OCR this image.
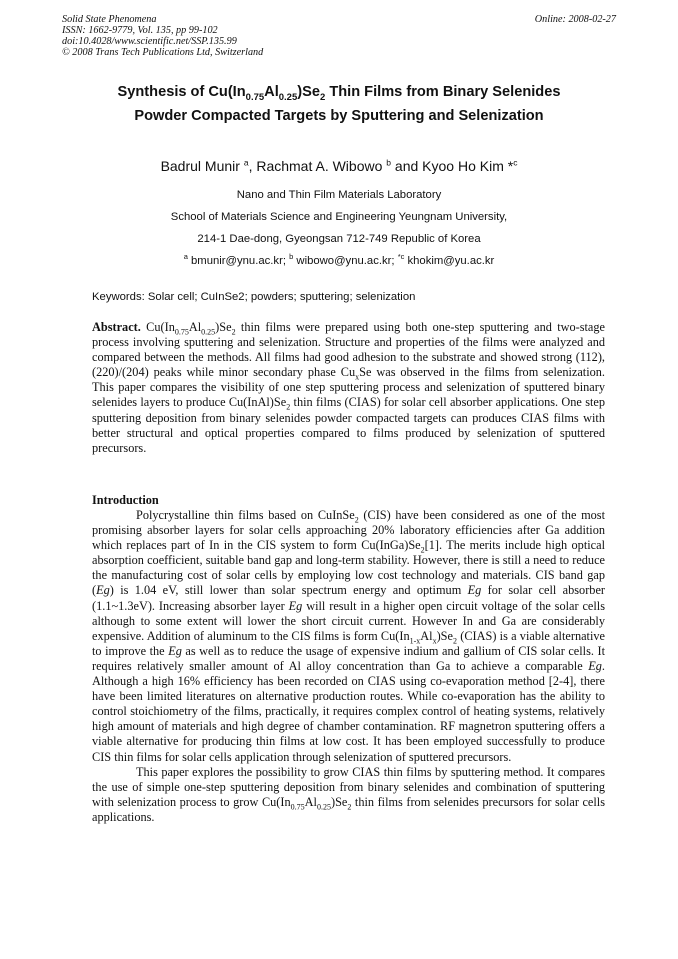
Solid State Phenomena
ISSN: 1662-9779, Vol. 135, pp 99-102
doi:10.4028/www.scientific.net/SSP.135.99
© 2008 Trans Tech Publications Ltd, Switzerland
Online: 2008-02-27
Synthesis of $Cu(In_{0.75}Al_{0.25})Se_2$ Thin Films from Binary Selenides
Powder Compacted Targets by Sputtering and Selenization
Badrul Munir $^a$, Rachmat A. Wibowo $^b$ and Kyoo Ho Kim *$^c$
Nano and Thin Film Materials Laboratory
School of Materials Science and Engineering Yeungnam University,
214-1 Dae-dong, Gyeongsan 712-749 Republic of Korea
$^a$ bmunir@ynu.ac.kr; $^b$ wibowo@ynu.ac.kr; $^{*c}$ khokim@yu.ac.kr
Keywords: Solar cell; CuInSe2; powders; sputtering; selenization
Abstract. $Cu(In_{0.75}Al_{0.25})Se_2$ thin films were prepared using both one-step sputtering and two-stage process involving sputtering and selenization. Structure and properties of the films were analyzed and compared between the methods. All films had good adhesion to the substrate and showed strong (112), (220)/(204) peaks while minor secondary phase $Cu_xSe$ was observed in the films from selenization. This paper compares the visibility of one step sputtering process and selenization of sputtered binary selenides layers to produce $Cu(InAl)Se_2$ thin films (CIAS) for solar cell absorber applications. One step sputtering deposition from binary selenides powder compacted targets can produces CIAS films with better structural and optical properties compared to films produced by selenization of sputtered precursors.
Introduction

Polycrystalline thin films based on CuInSe$_2$ (CIS) have been considered as one of the most promising absorber layers for solar cells approaching 20% laboratory efficiencies after Ga addition which replaces part of In in the CIS system to form $Cu(InGa)Se_2[1]$. The merits include high optical absorption coefficient, suitable band gap and long-term stability. However, there is still a need to reduce the manufacturing cost of solar cells by employing low cost technology and materials. CIS band gap (Eg) is 1.04 eV, still lower than solar spectrum energy and optimum Eg for solar cell absorber (1.1~1.3eV). Increasing absorber layer Eg will result in a higher open circuit voltage of the solar cells although to some extent will lower the short circuit current. However In and Ga are considerably expensive. Addition of aluminum to the CIS films is form $Cu(In_{1-x}Al_x)Se_2$ (CIAS) is a viable alternative to improve the Eg as well as to reduce the usage of expensive indium and gallium of CIS solar cells. It requires relatively smaller amount of Al alloy concentration than Ga to achieve a comparable Eg. Although a high 16% efficiency has been recorded on CIAS using co-evaporation method [2-4], there have been limited literatures on alternative production routes. While co-evaporation has the ability to control stoichiometry of the films, practically, it requires complex control of heating systems, relatively high amount of materials and high degree of chamber contamination. RF magnetron sputtering offers a viable alternative for producing thin films at low cost. It has been employed successfully to produce CIS thin films for solar cells application through selenization of sputtered precursors.

This paper explores the possibility to grow CIAS thin films by sputtering method. It compares the use of simple one-step sputtering deposition from binary selenides and combination of sputtering with selenization process to grow $Cu(In_{0.75}Al_{0.25})Se_2$ thin films from selenides precursors for solar cells applications.
